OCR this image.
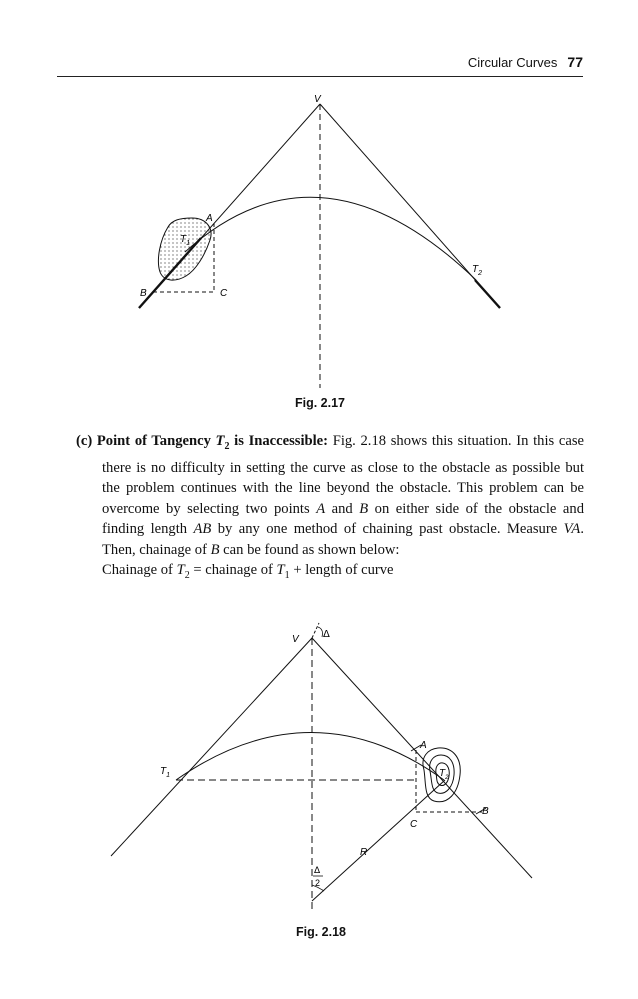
Circular Curves 77
V
A
$T_1$
B	C
$T_2$
Fig. 2.17
(c) Point of Tangency $T_2$ is Inaccessible: Fig. 2.18 shows this situation. In this case there is no difficulty in setting the curve as close to the obstacle as possible but the problem continues with the line beyond the obstacle. This problem can be overcome by selecting two points A and B on either side of the obstacle and finding length AB by any one method of chaining past obstacle. Measure VA. Then, chainage of B can be found as shown below:
Chainage of $T_2$ = chainage of $T_1$ + length of curve
V Δ
A
$T_1$	$T_2$
B
C
R
Δ
2
Fig. 2.18
